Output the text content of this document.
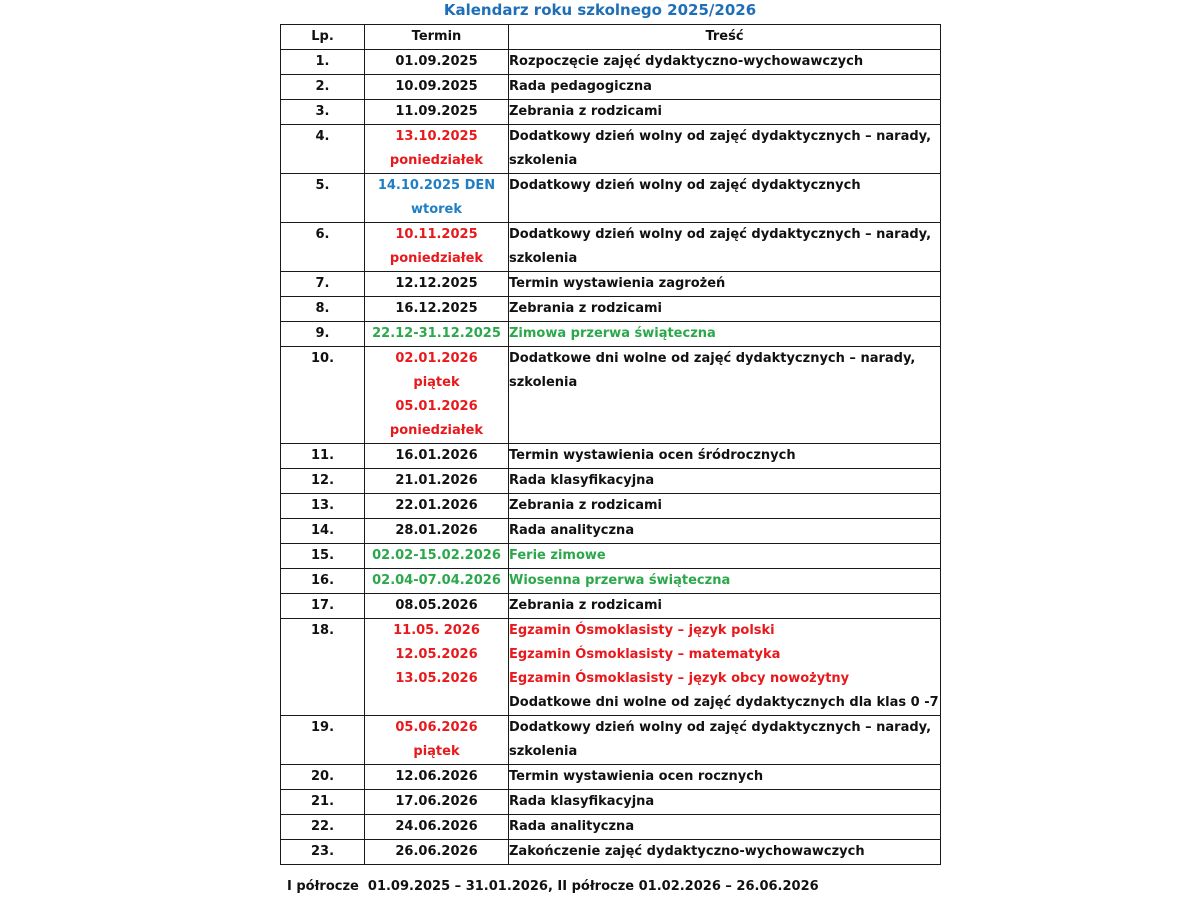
Kalendarz roku szkolnego 2025/2026
Lp.	Termin	Treść
1.	01.09.2025	Rozpoczęcie zajęć dydaktyczno-wychowawczych

2.	10.09.2025	Rada pedagogiczna

3.	11.09.2025	Zebrania z rodzicami

4.	13.10.2025
poniedziałek	Dodatkowy dzień wolny od zajęć dydaktycznych – narady,
szkolenia

5.	14.10.2025 DEN
wtorek	Dodatkowy dzień wolny od zajęć dydaktycznych

6.	10.11.2025
poniedziałek	Dodatkowy dzień wolny od zajęć dydaktycznych – narady,
szkolenia

7.	12.12.2025	Termin wystawienia zagrożeń

8.	16.12.2025	Zebrania z rodzicami

9.	22.12-31.12.2025	Zimowa przerwa świąteczna

10.	02.01.2026
piątek
05.01.2026
poniedziałek	Dodatkowe dni wolne od zajęć dydaktycznych – narady,
szkolenia

11.	16.01.2026	Termin wystawienia ocen śródrocznych

12.	21.01.2026	Rada klasyfikacyjna

13.	22.01.2026	Zebrania z rodzicami

14.	28.01.2026	Rada analityczna

15.	02.02-15.02.2026	Ferie zimowe

16.	02.04-07.04.2026	Wiosenna przerwa świąteczna

17.	08.05.2026	Zebrania z rodzicami

18.	11.05. 2026
12.05.2026
13.05.2026	Egzamin Ósmoklasisty – język polski
Egzamin Ósmoklasisty – matematyka
Egzamin Ósmoklasisty – język obcy nowożytny
Dodatkowe dni wolne od zajęć dydaktycznych dla klas 0 -7

19.	05.06.2026
piątek	Dodatkowy dzień wolny od zajęć dydaktycznych – narady,
szkolenia

20.	12.06.2026	Termin wystawienia ocen rocznych

21.	17.06.2026	Rada klasyfikacyjna

22.	24.06.2026	Rada analityczna

23.	26.06.2026	Zakończenie zajęć dydaktyczno-wychowawczych
I półrocze  01.09.2025 – 31.01.2026, II półrocze 01.02.2026 – 26.06.2026
